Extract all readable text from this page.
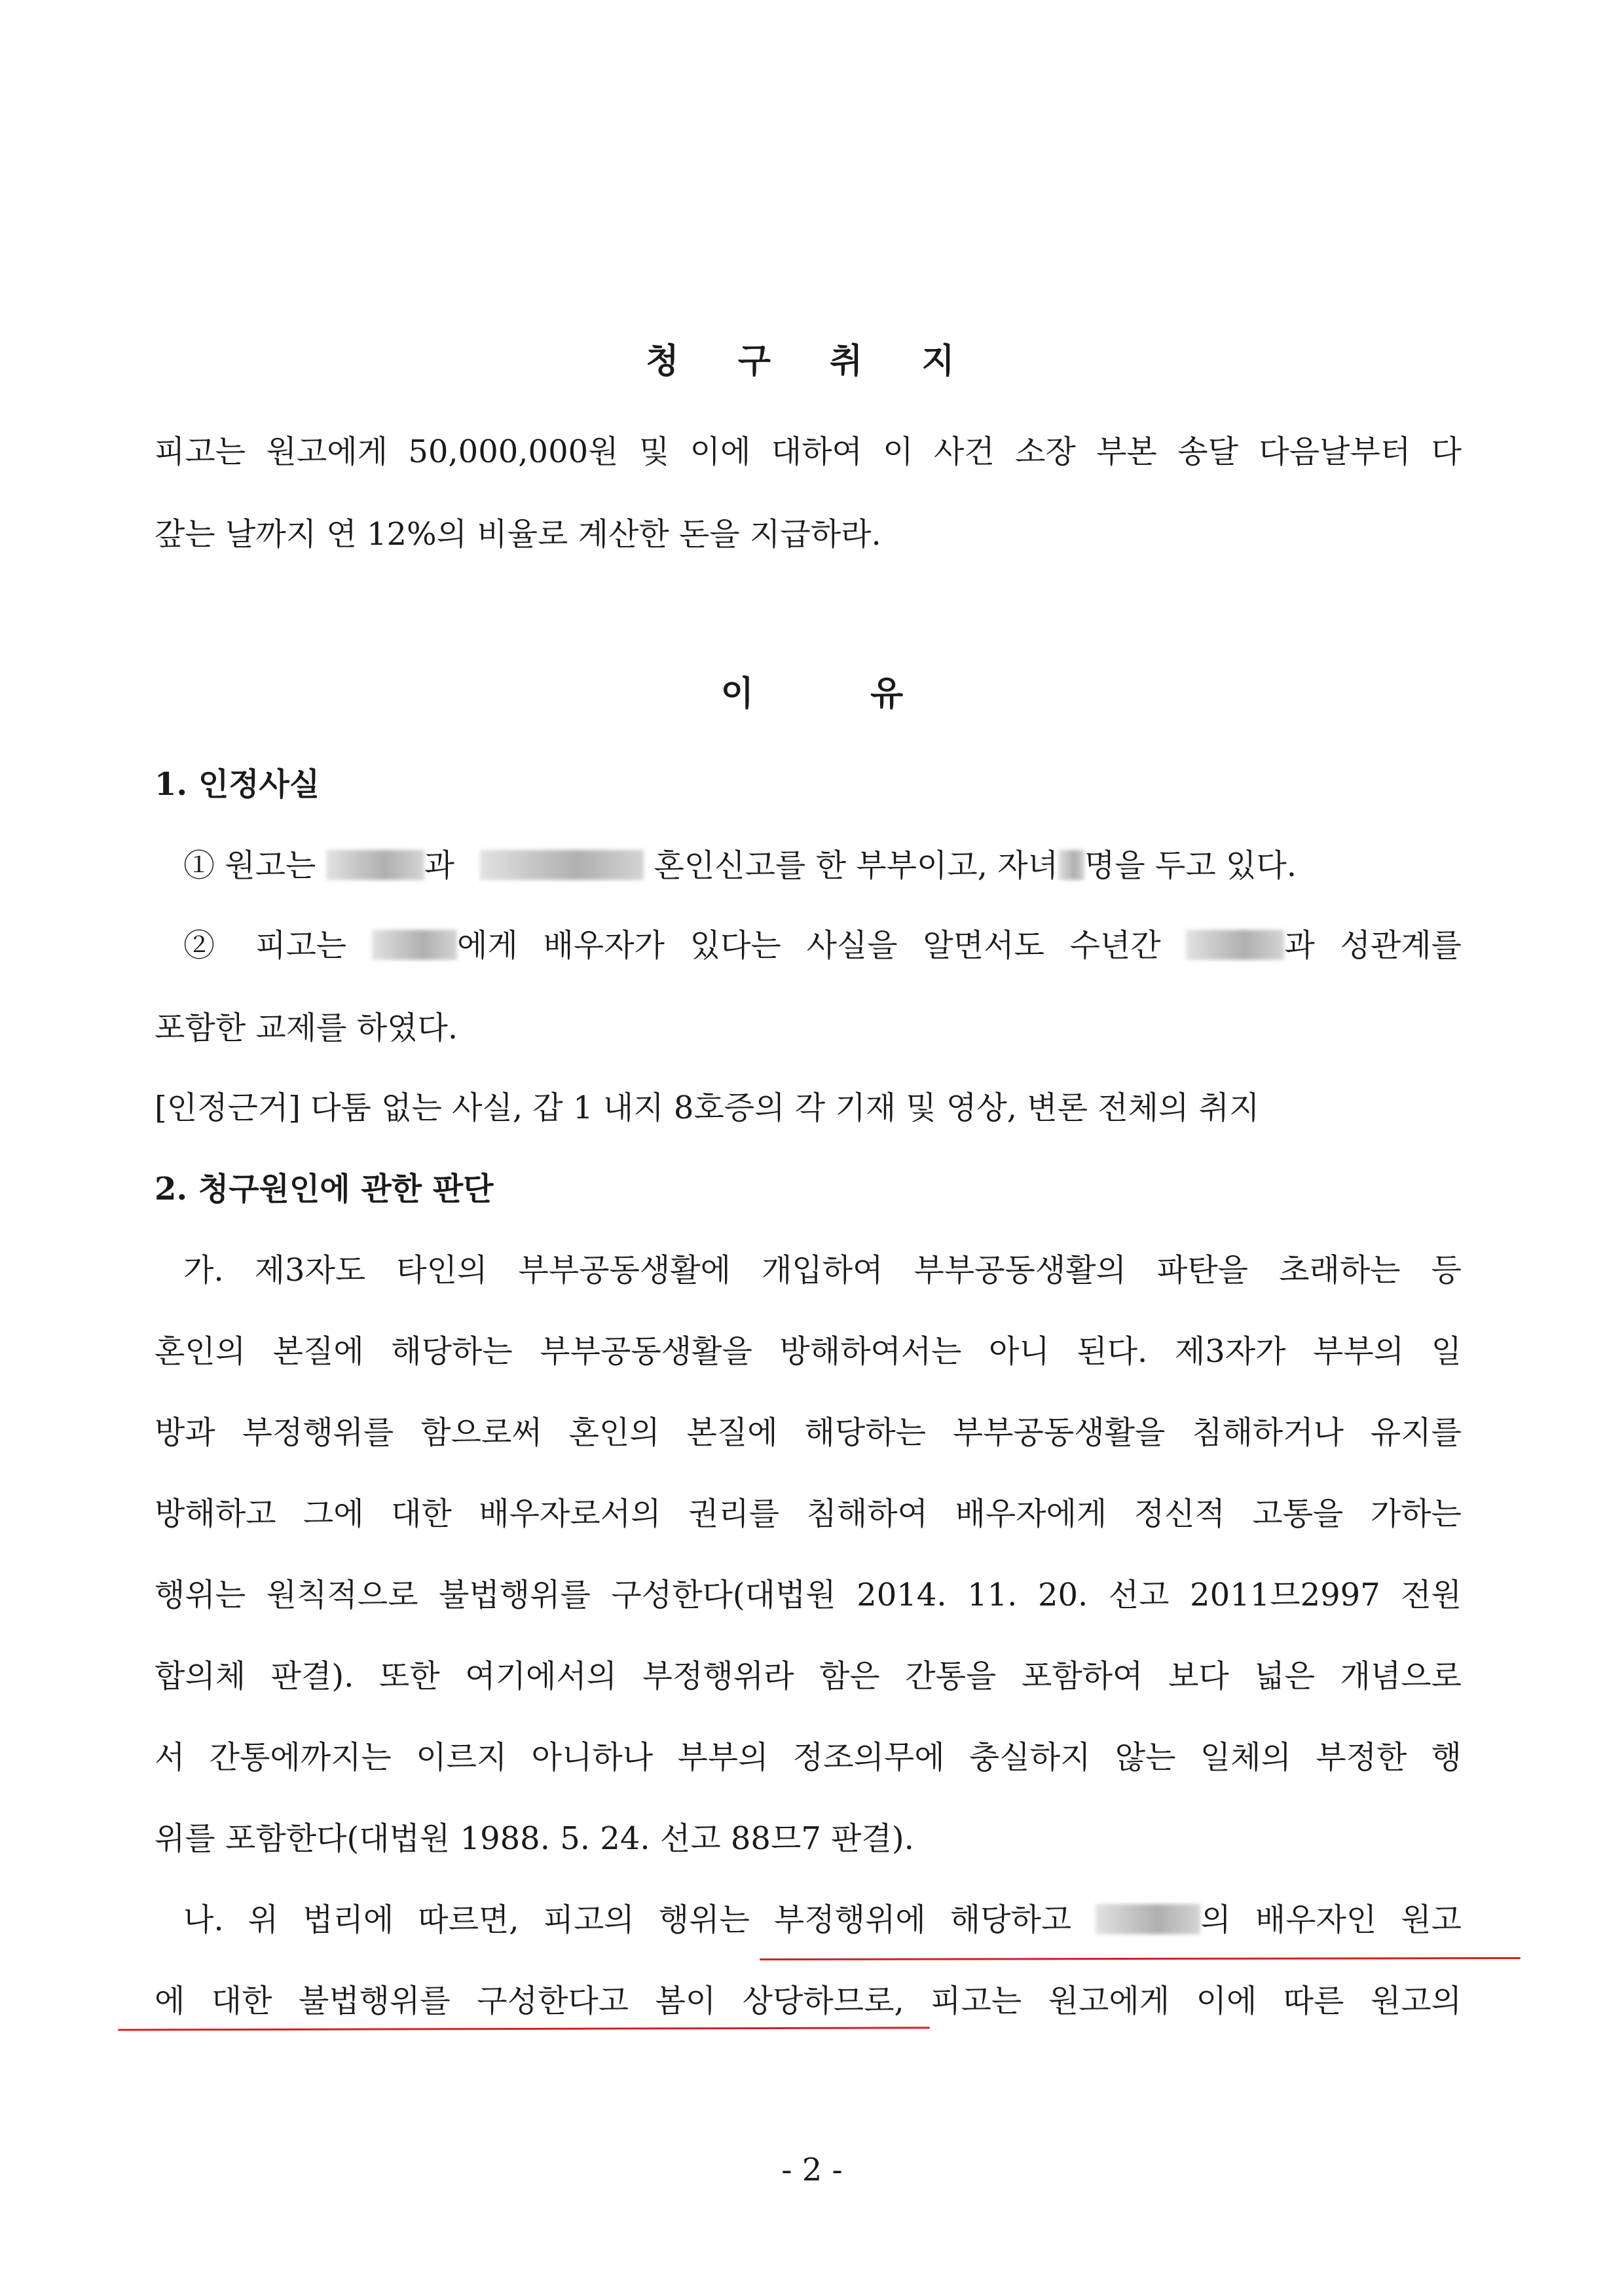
청 구 취 지
피고는 원고에게 50,000,000원 및 이에 대하여 이 사건 소장 부본 송달 다음날부터 다
갚는 날까지 연 12%의 비율로 계산한 돈을 지급하라.
이 유
1. 인정사실
① 원고는	과	혼인신고를 한 부부이고, 자녀 명을 두고 있다.
② 피고는	에게 배우자가 있다는 사실을 알면서도 수년간	과 성관계를
포함한 교제를 하였다.
[인정근거] 다툼 없는 사실, 갑 1 내지 8호증의 각 기재 및 영상, 변론 전체의 취지
2. 청구원인에 관한 판단
가. 제3자도 타인의 부부공동생활에 개입하여 부부공동생활의 파탄을 초래하는 등
혼인의 본질에 해당하는 부부공동생활을 방해하여서는 아니 된다. 제3자가 부부의 일
방과 부정행위를 함으로써 혼인의 본질에 해당하는 부부공동생활을 침해하거나 유지를
방해하고 그에 대한 배우자로서의 권리를 침해하여 배우자에게 정신적 고통을 가하는
행위는 원칙적으로 불법행위를 구성한다(대법원 2014. 11. 20. 선고 2011므2997 전원
합의체 판결). 또한 여기에서의 부정행위라 함은 간통을 포함하여 보다 넓은 개념으로
서 간통에까지는 이르지 아니하나 부부의 정조의무에 충실하지 않는 일체의 부정한 행
위를 포함한다(대법원 1988. 5. 24. 선고 88므7 판결).
나. 위 법리에 따르면, 피고의 행위는 부정행위에 해당하고	의 배우자인 원고
에 대한 불법행위를 구성한다고 봄이 상당하므로, 피고는 원고에게 이에 따른 원고의
- 2 -
